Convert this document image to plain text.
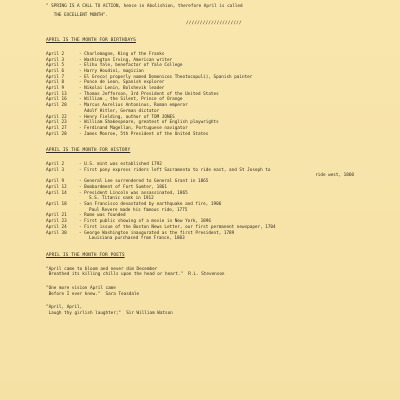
" SPRING IS A CALL TO ACTION, hence in Abolishion, therefore April is called
THE EXCELLENT MONTH".
////////////////////
APRIL IS THE MONTH FOR BIRTHDAYS
April 2	- Charlemagne, King of the Franks
April 3	- Washington Irving, American writer
April 5	- Elihu Yale, benefactor of Yale College
April 6	- Harry Houdini, magician
April 7	- El Greco( properly named Domenicos Theotocopuli), Spanish painter
April 8	- Ponce de Leon, Spanish explorer
April 9	- Nikolai Lenin, Bolshevik leader
April 13	- Thomas Jefferson, 3rd President of the United States
April 16	- William , the Silent, Prince of Orange
April 20	- Marcus Aurelius Antoninus, Roman emperor
Adolf Hitler, German dictator
April 22	- Henry Fielding, author of TOM JONES
April 23	- William Shakespeare, greatest of English playwrights
April 27	- Ferdinand Magellan, Portuguese navigator
April 28	- James Monroe, 5th President of the United States
APRIL IS THE MONTH FOR HISTORY
April 2	- U.S. mint was established 1792
April 3	- First pony express riders left Sacramento to ride east, and St Joseph to
ride west, 1860
April 9	- General Lee surrendered to General Grant in 1865
April 12	- Bombardment of Fort Sumter, 1861
April 14	- President Lincoln was assassinated, 1865
S.S. Titanic sank in 1912
April 18	- San Francisco devastated by earthquake and fire, 1906
Paul Revere made his famous ride, 1775
April 21	- Rome was founded
April 23	- First public showing of a movie in New York, 1896
April 24	- First issue of the Boston News Letter, our first permanent newspaper, 1704
April 30	- George Washington inaugurated as the first President, 1789
Louisiana purchased from France, 1803
APRIL IS THE MONTH FOR POETS
"April came to bloom and never dim December
Breathed its killing chills upon the head or heart."  R.L. Stevenson
"One more vision April came
Before I ever knew."  Sara Teasdale
"April, April,
Laugh thy girlish laughter;"  Sir William Watson
